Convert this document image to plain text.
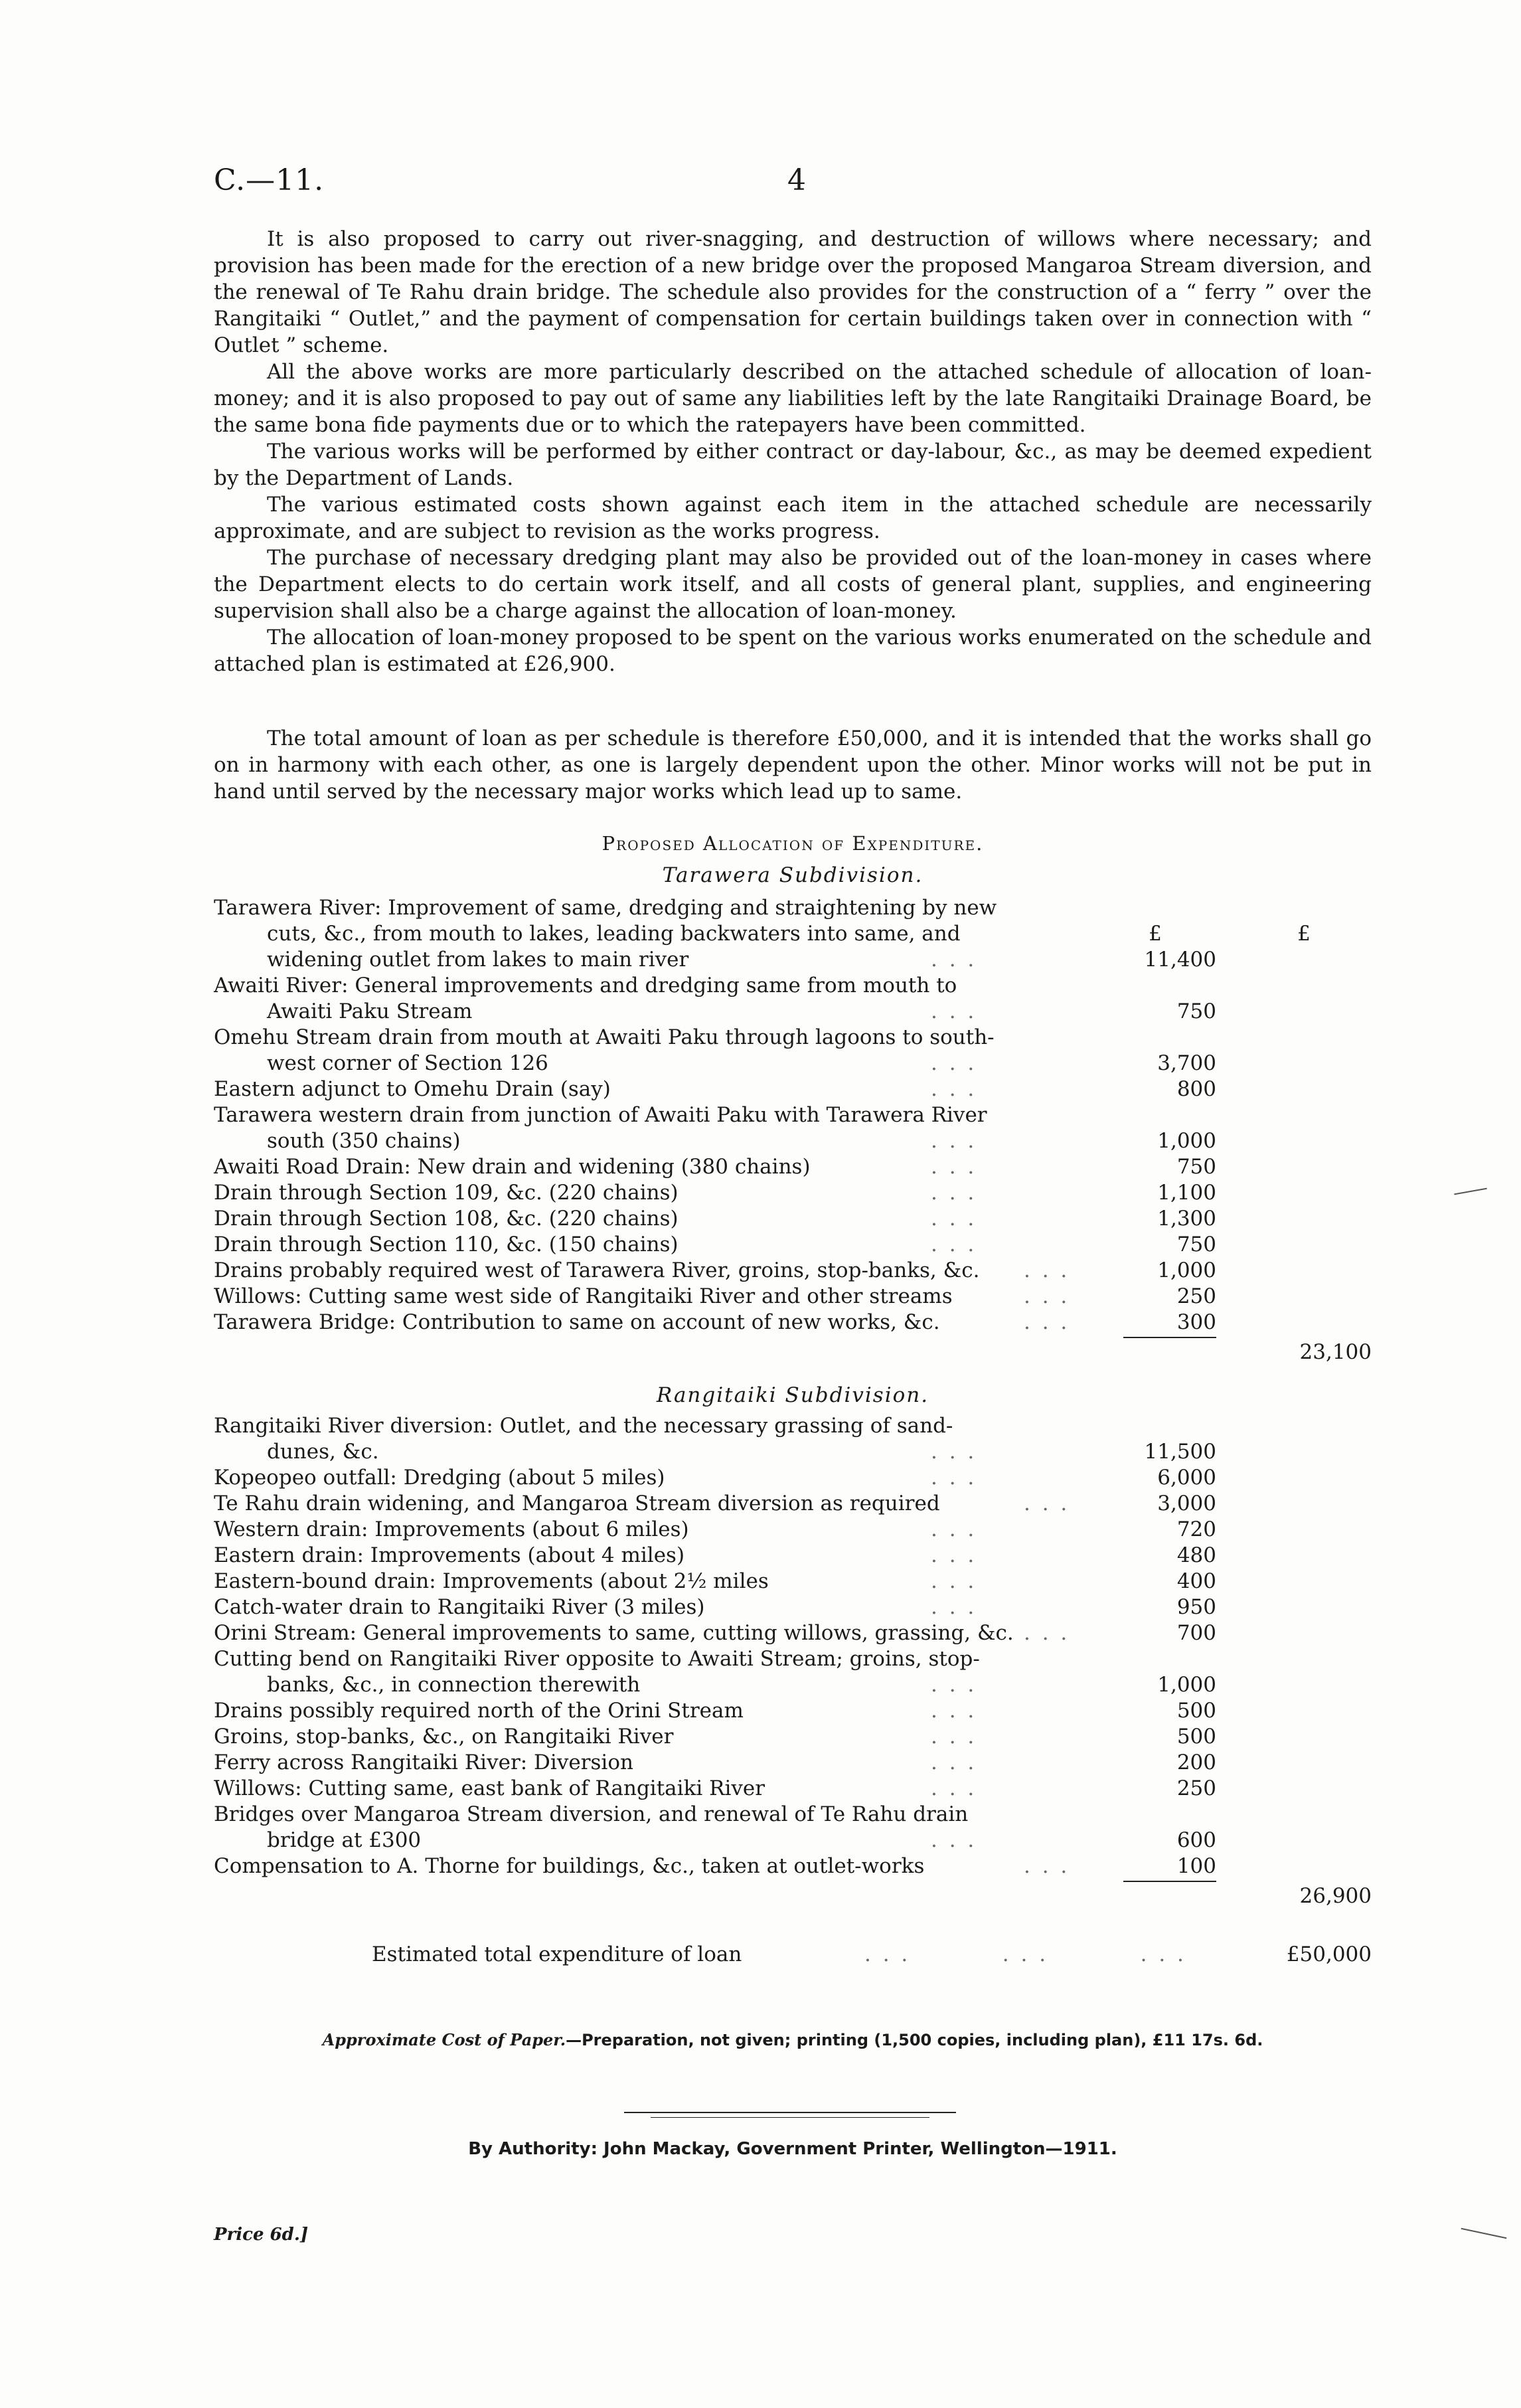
C.—11.	4

It is also proposed to carry out river-snagging, and destruction of willows where necessary; and provision has been made for the erection of a new bridge over the proposed Mangaroa Stream diversion, and the renewal of Te Rahu drain bridge. The schedule also provides for the construction of a “ ferry ” over the Rangitaiki “ Outlet,” and the payment of compensation for certain buildings taken over in connection with “ Outlet ” scheme.

All the above works are more particularly described on the attached schedule of allocation of loan-money; and it is also proposed to pay out of same any liabilities left by the late Rangitaiki Drainage Board, be the same bona fide payments due or to which the ratepayers have been committed.

The various works will be performed by either contract or day-labour, &c., as may be deemed expedient by the Department of Lands.

The various estimated costs shown against each item in the attached schedule are necessarily approximate, and are subject to revision as the works progress.

The purchase of necessary dredging plant may also be provided out of the loan-money in cases where the Department elects to do certain work itself, and all costs of general plant, supplies, and engineering supervision shall also be a charge against the allocation of loan-money.

The allocation of loan-money proposed to be spent on the various works enumerated on the schedule and attached plan is estimated at £26,900.

The total amount of loan as per schedule is therefore £50,000, and it is intended that the works shall go on in harmony with each other, as one is largely dependent upon the other. Minor works will not be put in hand until served by the necessary major works which lead up to same.

Proposed Allocation of Expenditure.
Tarawera Subdivision.
Tarawera River: Improvement of same, dredging and straightening by new
cuts, &c., from mouth to lakes, leading backwaters into same, and	£	£
widening outlet from lakes to main river	. . .	11,400
Awaiti River: General improvements and dredging same from mouth to
Awaiti Paku Stream	. . .	750
Omehu Stream drain from mouth at Awaiti Paku through lagoons to south-
west corner of Section 126	. . .	3,700
Eastern adjunct to Omehu Drain (say)	. . .	800
Tarawera western drain from junction of Awaiti Paku with Tarawera River
south (350 chains)	. . .	1,000
Awaiti Road Drain: New drain and widening (380 chains)	. . .	750
Drain through Section 109, &c. (220 chains)	. . .	1,100
Drain through Section 108, &c. (220 chains)	. . .	1,300
Drain through Section 110, &c. (150 chains)	. . .	750
Drains probably required west of Tarawera River, groins, stop-banks, &c. . . .	1,000
Willows: Cutting same west side of Rangitaiki River and other streams	. . .	250
Tarawera Bridge: Contribution to same on account of new works, &c.	. . .	300
23,100
Rangitaiki Subdivision.
Rangitaiki River diversion: Outlet, and the necessary grassing of sand-
dunes, &c.	. . .	11,500
Kopeopeo outfall: Dredging (about 5 miles)	. . .	6,000
Te Rahu drain widening, and Mangaroa Stream diversion as required	. . .	3,000
Western drain: Improvements (about 6 miles)	. . .	720
Eastern drain: Improvements (about 4 miles)	. . .	480
Eastern-bound drain: Improvements (about 2½ miles	. . .	400
Catch-water drain to Rangitaiki River (3 miles)	. . .	950
Orini Stream: General improvements to same, cutting willows, grassing, &c. . . .	700
Cutting bend on Rangitaiki River opposite to Awaiti Stream; groins, stop-
banks, &c., in connection therewith	. . .	1,000
Drains possibly required north of the Orini Stream	. . .	500
Groins, stop-banks, &c., on Rangitaiki River	. . .	500
Ferry across Rangitaiki River: Diversion	. . .	200
Willows: Cutting same, east bank of Rangitaiki River	. . .	250
Bridges over Mangaroa Stream diversion, and renewal of Te Rahu drain
bridge at £300	. . .	600
Compensation to A. Thorne for buildings, &c., taken at outlet-works	. . .	100
26,900
Estimated total expenditure of loan	. . .          . . .          . . .	£50,000
Approximate Cost of Paper.—Preparation, not given; printing (1,500 copies, including plan), £11 17s. 6d.
By Authority: John Mackay, Government Printer, Wellington—1911.
Price 6d.]
